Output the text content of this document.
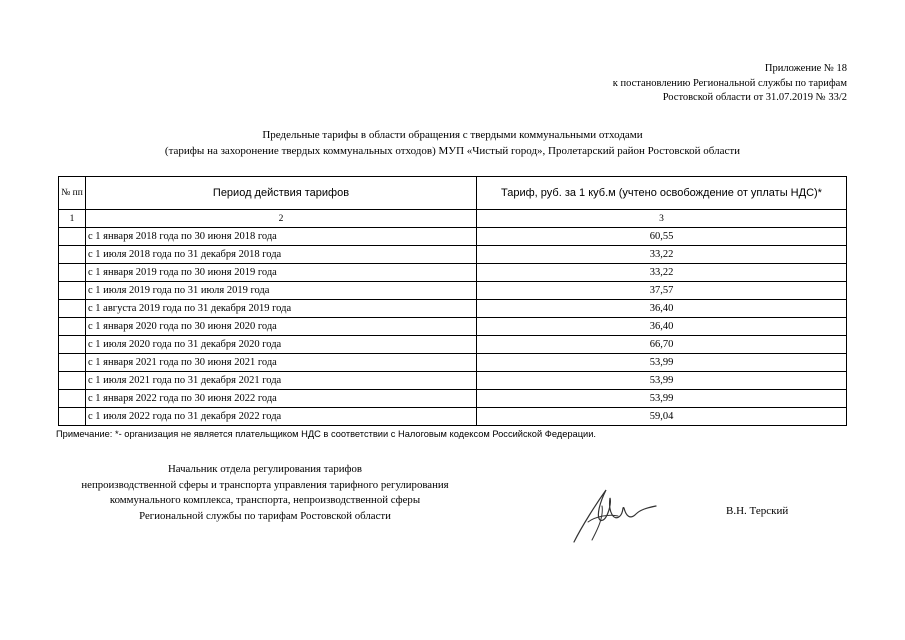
Приложение № 18
к постановлению Региональной службы по тарифам
Ростовской области от 31.07.2019 № 33/2
Предельные тарифы в области обращения с твердыми коммунальными отходами
(тарифы на захоронение твердых коммунальных отходов) МУП «Чистый город», Пролетарский район Ростовской области
№ пп	Период действия тарифов	Тариф, руб. за 1 куб.м (учтено освобождение от уплаты НДС)*
1	2	3
	с 1 января 2018 года по 30 июня 2018 года	60,55
	с 1 июля 2018 года по 31 декабря 2018 года	33,22
	с 1 января 2019 года по 30 июня 2019 года	33,22
	с 1 июля 2019 года по 31 июля 2019 года	37,57
	с 1 августа 2019 года по 31 декабря 2019 года	36,40
	с 1 января 2020 года по 30 июня 2020 года	36,40
	с 1 июля 2020 года по 31 декабря 2020 года	66,70
	с 1 января 2021 года по 30 июня 2021 года	53,99
	с 1 июля 2021 года по 31 декабря 2021 года	53,99
	с 1 января 2022 года по 30 июня 2022 года	53,99
	с 1 июля 2022 года по 31 декабря 2022 года	59,04
Примечание: *- организация не является плательщиком НДС в соответствии с Налоговым кодексом Российской Федерации.
Начальник отдела регулирования тарифов
непроизводственной сферы и транспорта управления тарифного регулирования
коммунального комплекса, транспорта, непроизводственной сферы
Региональной службы по тарифам Ростовской области	В.Н. Терский
